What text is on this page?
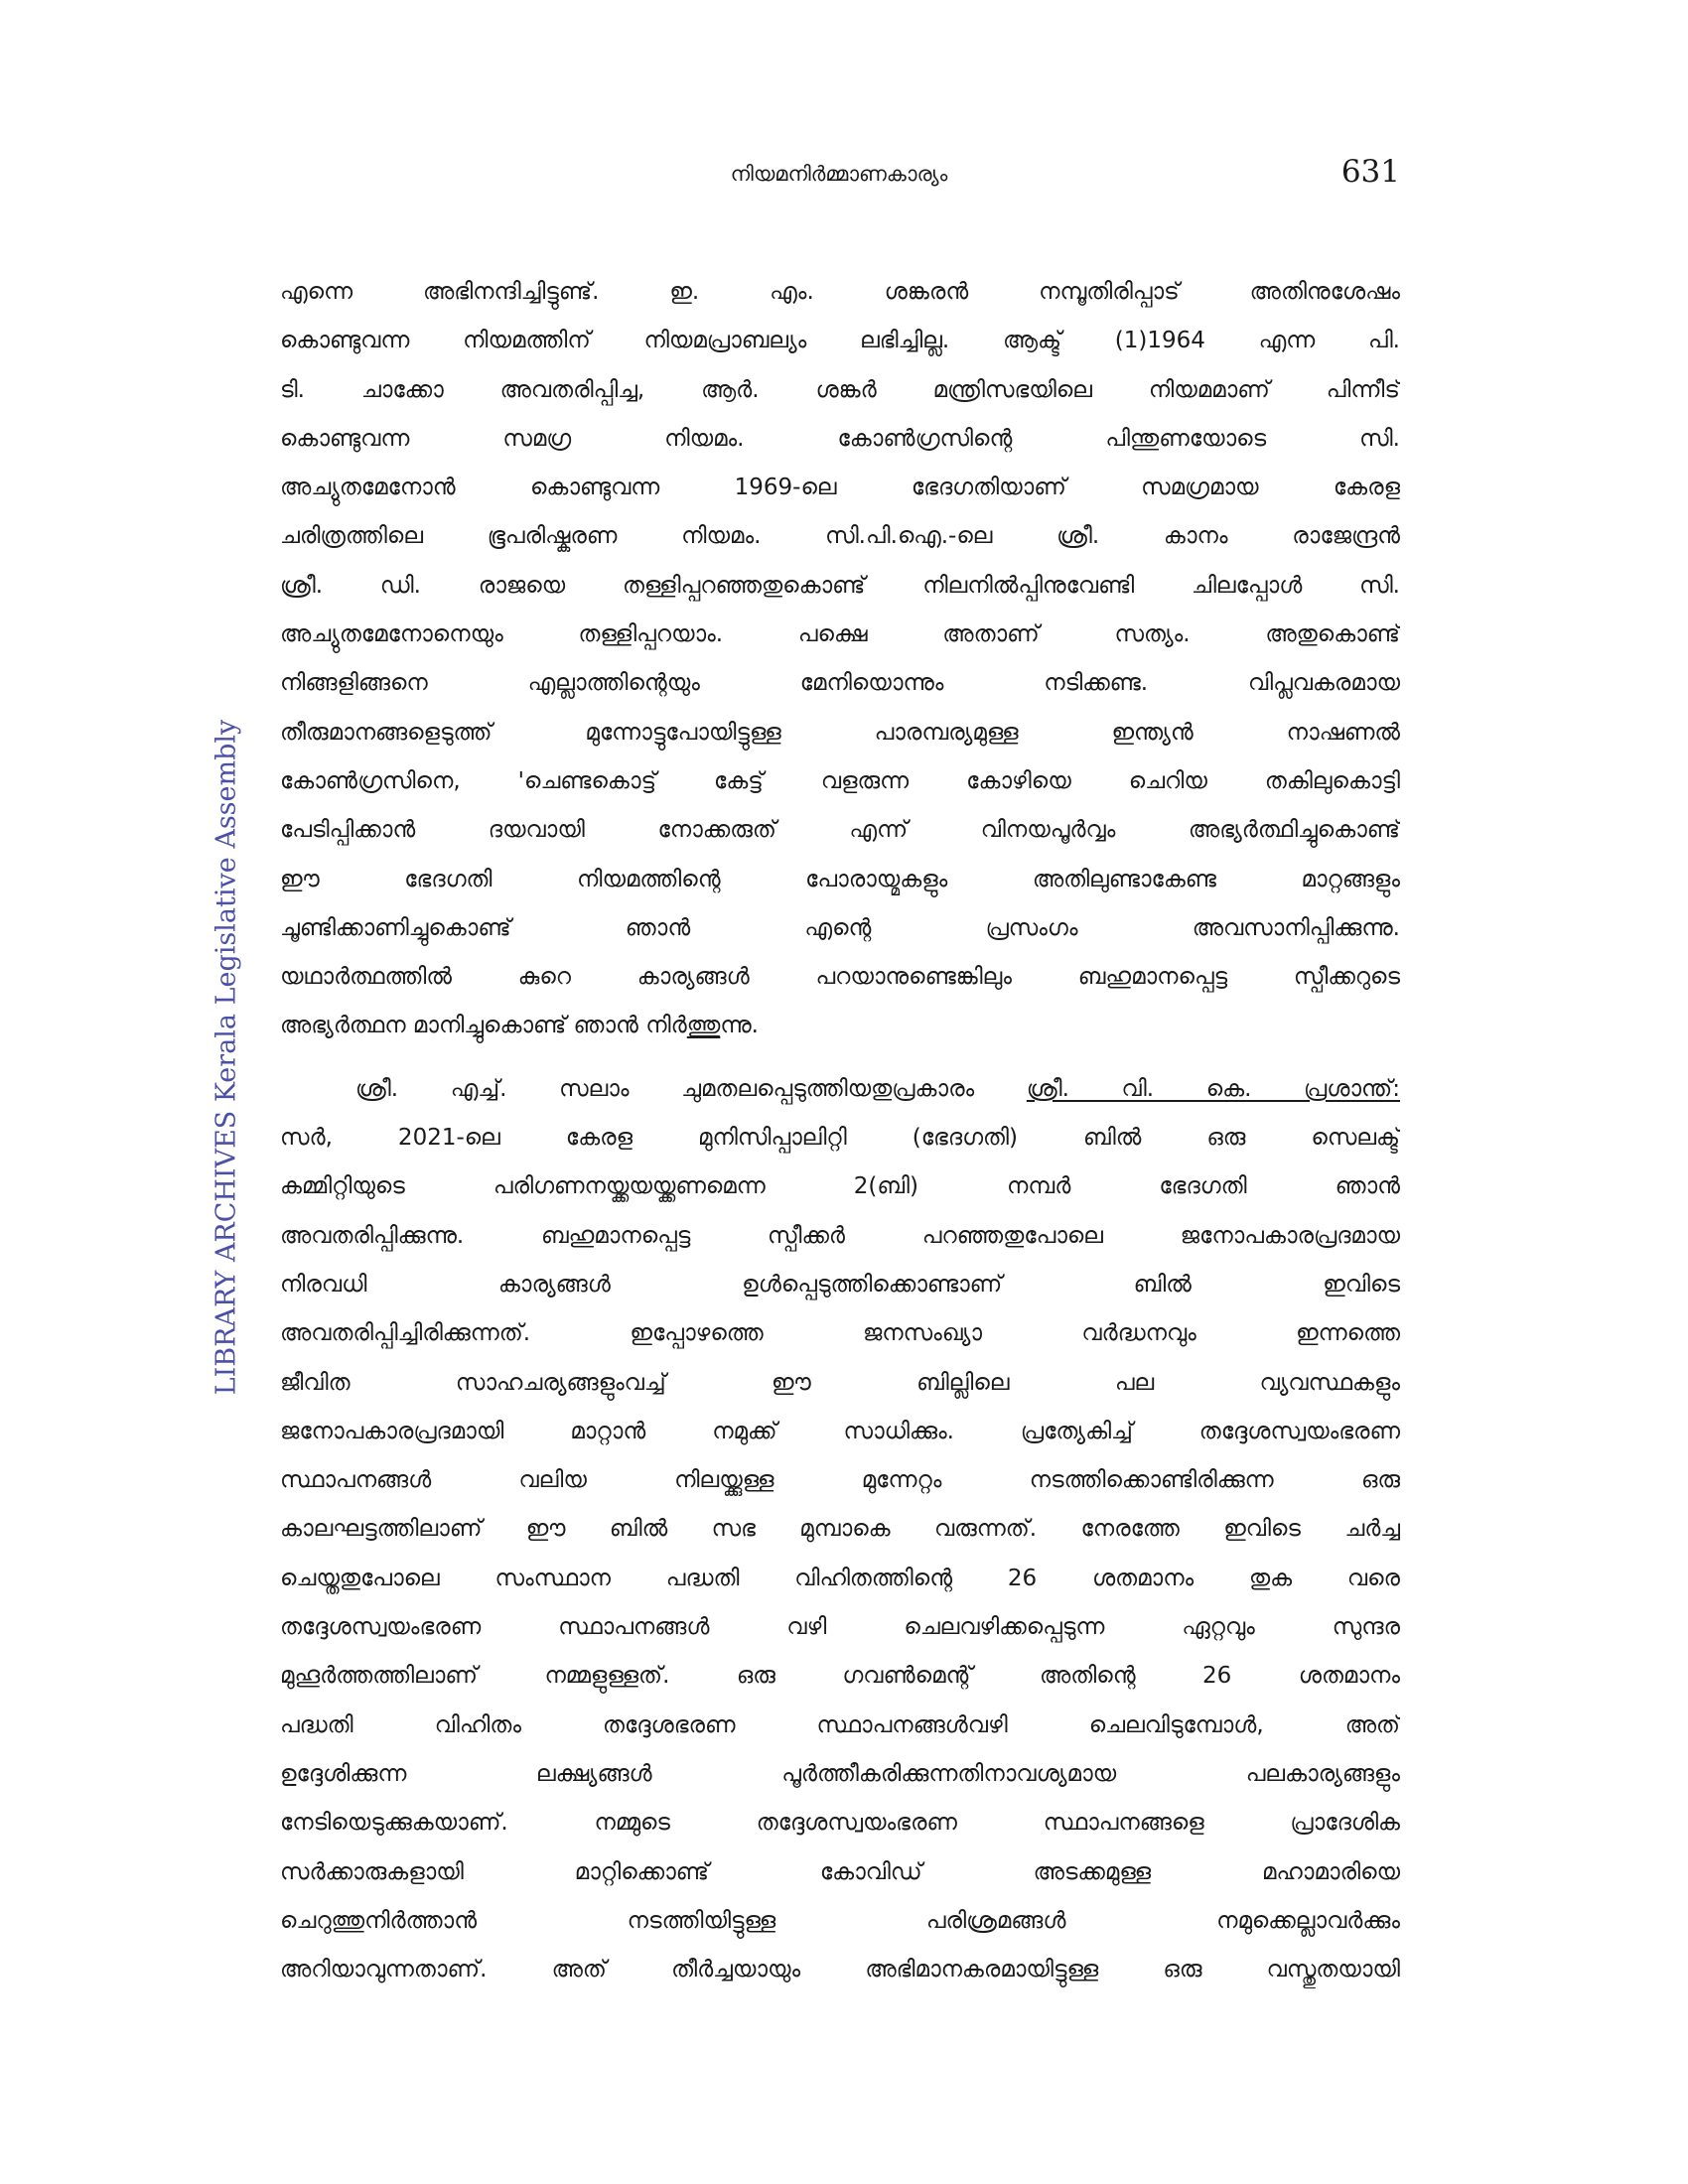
നിയമനിർമ്മാണകാര്യം	631
LIBRARY ARCHIVES Kerala Legislative Assembly
എന്നെ അഭിനന്ദിച്ചിട്ടുണ്ട്. ഇ. എം. ശങ്കരൻ നമ്പൂതിരിപ്പാട് അതിനുശേഷം
കൊണ്ടുവന്ന നിയമത്തിന് നിയമപ്രാബല്യം ലഭിച്ചില്ല. ആക്ട് (1)1964 എന്ന പി.
ടി. ചാക്കോ അവതരിപ്പിച്ച, ആർ. ശങ്കർ മന്ത്രിസഭയിലെ നിയമമാണ് പിന്നീട്
കൊണ്ടുവന്ന സമഗ്ര നിയമം. കോൺഗ്രസിന്റെ പിന്തുണയോടെ സി.
അച്യുതമേനോൻ കൊണ്ടുവന്ന 1969-ലെ ഭേദഗതിയാണ് സമഗ്രമായ കേരള
ചരിത്രത്തിലെ ഭൂപരിഷ്കരണ നിയമം. സി.പി.ഐ.-ലെ ശ്രീ. കാനം രാജേന്ദ്രൻ
ശ്രീ. ഡി. രാജയെ തള്ളിപ്പറഞ്ഞതുകൊണ്ട് നിലനിൽപ്പിനുവേണ്ടി ചിലപ്പോൾ സി.
അച്യുതമേനോനെയും തള്ളിപ്പറയാം. പക്ഷെ അതാണ് സത്യം. അതുകൊണ്ട്
നിങ്ങളിങ്ങനെ എല്ലാത്തിന്റെയും മേനിയൊന്നും നടിക്കണ്ട. വിപ്ലവകരമായ
തീരുമാനങ്ങളെടുത്ത് മുന്നോട്ടുപോയിട്ടുള്ള പാരമ്പര്യമുള്ള ഇന്ത്യൻ നാഷണൽ
കോൺഗ്രസിനെ, 'ചെണ്ടകൊട്ട് കേട്ട് വളരുന്ന കോഴിയെ ചെറിയ തകിലുകൊട്ടി
പേടിപ്പിക്കാൻ ദയവായി നോക്കരുത് എന്ന് വിനയപൂർവ്വം അഭ്യർത്ഥിച്ചുകൊണ്ട്
ഈ ഭേദഗതി നിയമത്തിന്റെ പോരായ്മകളും അതിലുണ്ടാകേണ്ട മാറ്റങ്ങളും
ചൂണ്ടിക്കാണിച്ചുകൊണ്ട് ഞാൻ എന്റെ പ്രസംഗം അവസാനിപ്പിക്കുന്നു.
യഥാർത്ഥത്തിൽ കുറെ കാര്യങ്ങൾ പറയാനുണ്ടെങ്കിലും ബഹുമാനപ്പെട്ട സ്പീക്കറുടെ
അഭ്യർത്ഥന മാനിച്ചുകൊണ്ട് ഞാൻ നിർത്തുന്നു.
ശ്രീ. എച്ച്. സലാം ചുമതലപ്പെടുത്തിയതുപ്രകാരം ശ്രീ. വി. കെ. പ്രശാന്ത്:
സർ, 2021-ലെ കേരള മുനിസിപ്പാലിറ്റി (ഭേദഗതി) ബിൽ ഒരു സെലക്ട്
കമ്മിറ്റിയുടെ പരിഗണനയ്ക്കയയ്ക്കണമെന്ന 2(ബി) നമ്പർ ഭേദഗതി ഞാൻ
അവതരിപ്പിക്കുന്നു. ബഹുമാനപ്പെട്ട സ്പീക്കർ പറഞ്ഞതുപോലെ ജനോപകാരപ്രദമായ
നിരവധി കാര്യങ്ങൾ ഉൾപ്പെടുത്തിക്കൊണ്ടാണ് ബിൽ ഇവിടെ
അവതരിപ്പിച്ചിരിക്കുന്നത്. ഇപ്പോഴത്തെ ജനസംഖ്യാ വർദ്ധനവും ഇന്നത്തെ
ജീവിത സാഹചര്യങ്ങളുംവച്ച് ഈ ബില്ലിലെ പല വ്യവസ്ഥകളും
ജനോപകാരപ്രദമായി മാറ്റാൻ നമുക്ക് സാധിക്കും. പ്രത്യേകിച്ച് തദ്ദേശസ്വയംഭരണ
സ്ഥാപനങ്ങൾ വലിയ നിലയ്ക്കുള്ള മുന്നേറ്റം നടത്തിക്കൊണ്ടിരിക്കുന്ന ഒരു
കാലഘട്ടത്തിലാണ് ഈ ബിൽ സഭ മുമ്പാകെ വരുന്നത്. നേരത്തേ ഇവിടെ ചർച്ച
ചെയ്തതുപോലെ സംസ്ഥാന പദ്ധതി വിഹിതത്തിന്റെ 26 ശതമാനം തുക വരെ
തദ്ദേശസ്വയംഭരണ സ്ഥാപനങ്ങൾ വഴി ചെലവഴിക്കപ്പെടുന്ന ഏറ്റവും സുന്ദര
മുഹൂർത്തത്തിലാണ് നമ്മളുള്ളത്. ഒരു ഗവൺമെന്റ് അതിന്റെ 26 ശതമാനം
പദ്ധതി വിഹിതം തദ്ദേശഭരണ സ്ഥാപനങ്ങൾവഴി ചെലവിടുമ്പോൾ, അത്
ഉദ്ദേശിക്കുന്ന ലക്ഷ്യങ്ങൾ പൂർത്തീകരിക്കുന്നതിനാവശ്യമായ പലകാര്യങ്ങളും
നേടിയെടുക്കുകയാണ്. നമ്മുടെ തദ്ദേശസ്വയംഭരണ സ്ഥാപനങ്ങളെ പ്രാദേശിക
സർക്കാരുകളായി മാറ്റിക്കൊണ്ട് കോവിഡ് അടക്കമുള്ള മഹാമാരിയെ
ചെറുത്തുനിർത്താൻ നടത്തിയിട്ടുള്ള പരിശ്രമങ്ങൾ നമുക്കെല്ലാവർക്കും
അറിയാവുന്നതാണ്. അത് തീർച്ചയായും അഭിമാനകരമായിട്ടുള്ള ഒരു വസ്തുതയായി
